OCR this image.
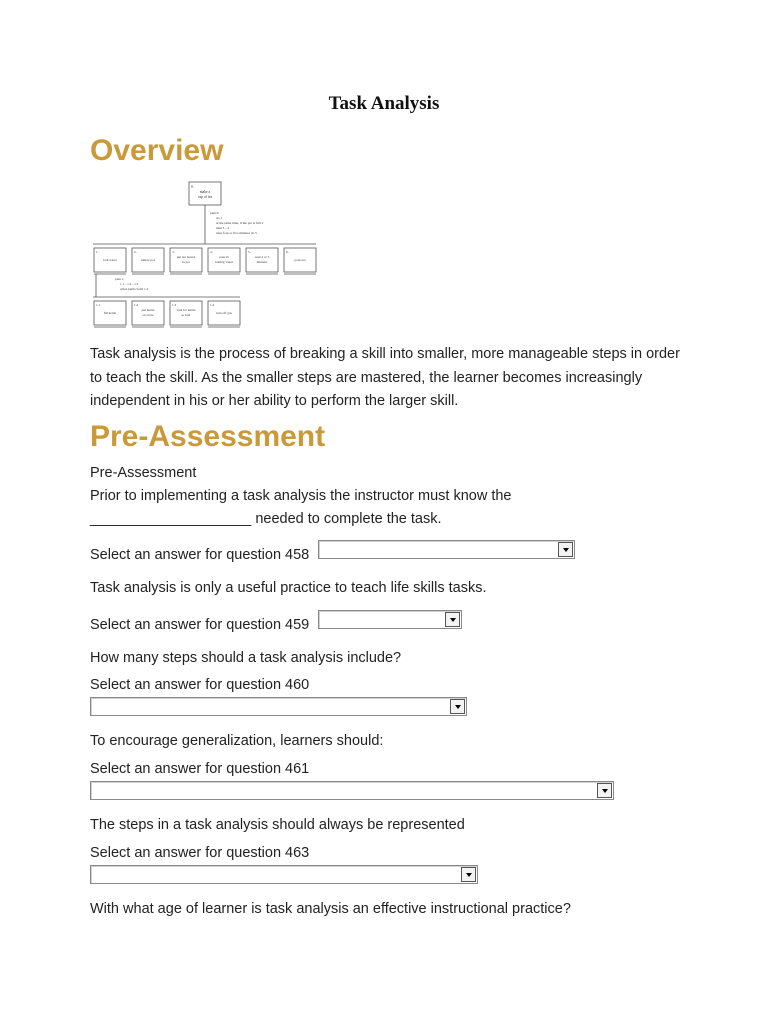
Task Analysis
Overview
0.
make a
cup of tea
plan 0:
do 1
at the same time, if the pot is full 2
then 3 - 4
after four or five minutes do 5
1.
boil water
2.
empty pot
3.
put tea leaves
in pot
4.
pour in
boiling water
5.
wait 4 or 5
minutes
6.
pour tea
plan 1:
1.1 - 1.2 - 1.3
when kettle boils 1.4
1.1
fill kettle
1.2
put kettle
on stove
1.3
wait for kettle
to boil
1.4
turn off gas
Task analysis is the process of breaking a skill into smaller, more manageable steps in order to teach the skill. As the smaller steps are mastered, the learner becomes increasingly independent in his or her ability to perform the larger skill.
Pre-Assessment
Pre-Assessment
Prior to implementing a task analysis the instructor must know the
____________________ needed to complete the task.
Select an answer for question 458
Task analysis is only a useful practice to teach life skills tasks.
Select an answer for question 459
How many steps should a task analysis include?
Select an answer for question 460
To encourage generalization, learners should:
Select an answer for question 461
The steps in a task analysis should always be represented
Select an answer for question 463
With what age of learner is task analysis an effective instructional practice?
